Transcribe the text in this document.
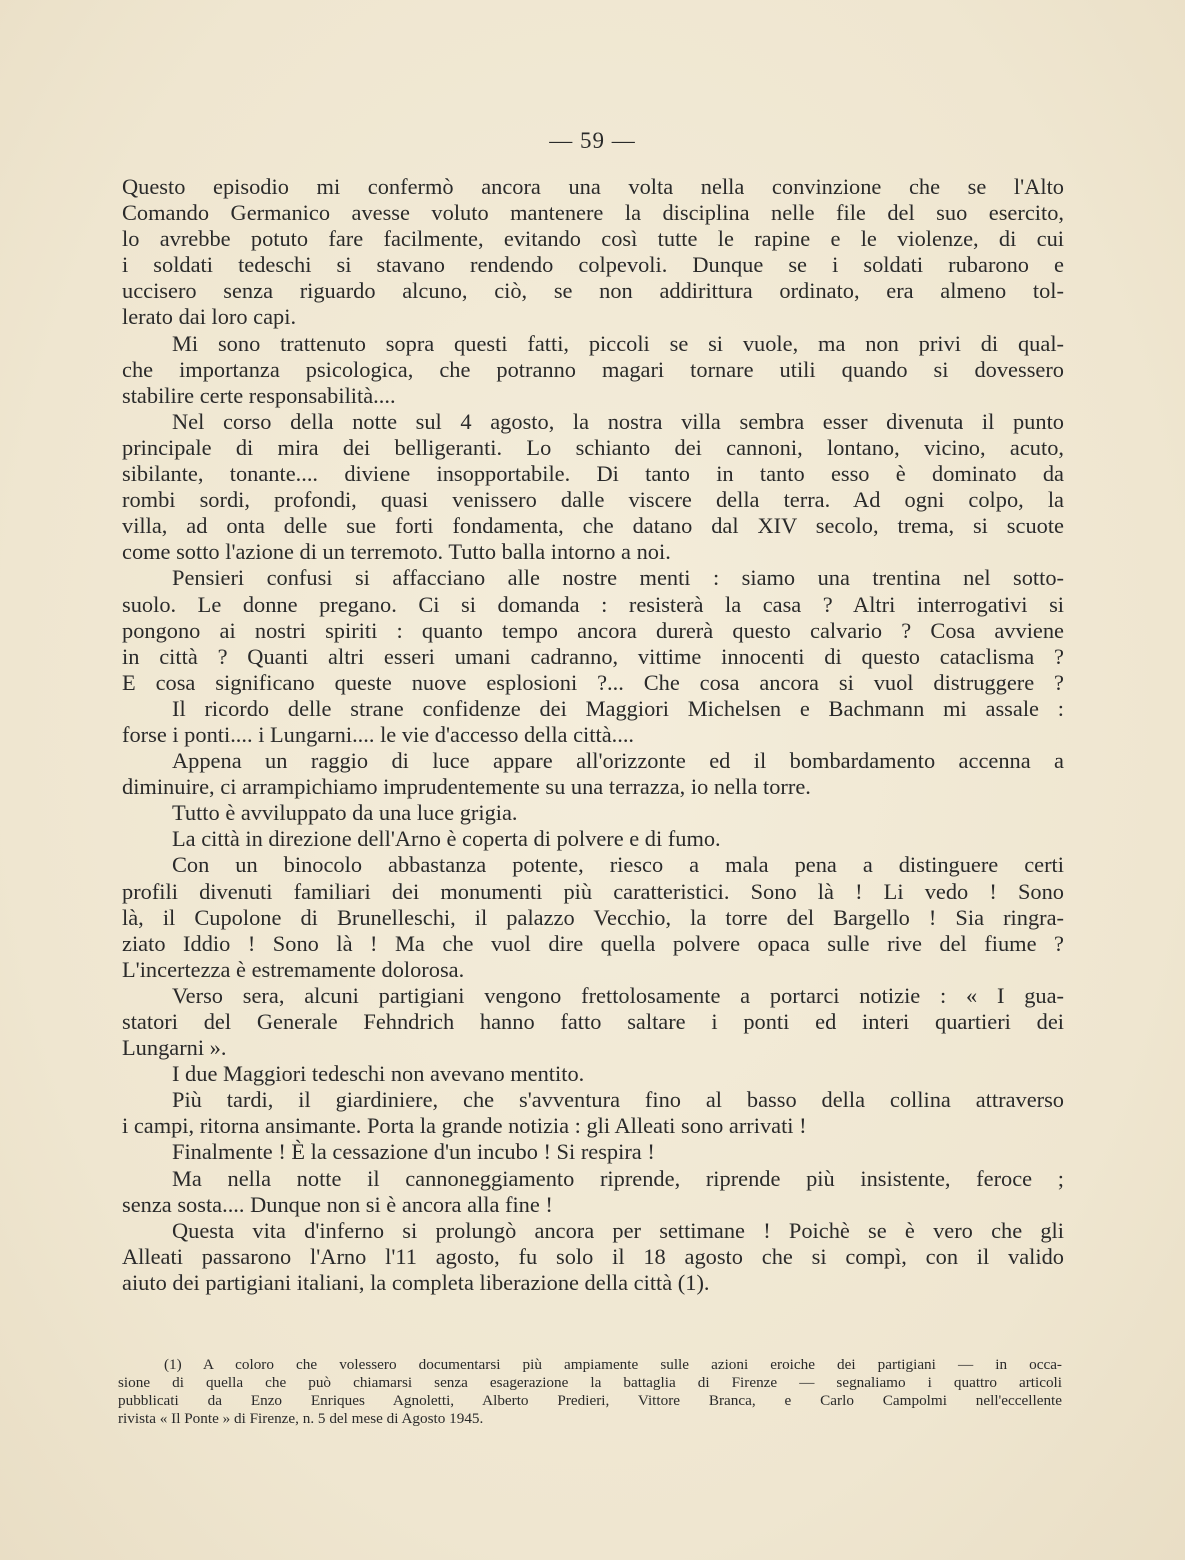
— 59 —
Questo episodio mi confermò ancora una volta nella convinzione che se l'Alto
Comando Germanico avesse voluto mantenere la disciplina nelle file del suo esercito,
lo avrebbe potuto fare facilmente, evitando così tutte le rapine e le violenze, di cui
i soldati tedeschi si stavano rendendo colpevoli. Dunque se i soldati rubarono e
uccisero senza riguardo alcuno, ciò, se non addirittura ordinato, era almeno tol-
lerato dai loro capi.
Mi sono trattenuto sopra questi fatti, piccoli se si vuole, ma non privi di qual-
che importanza psicologica, che potranno magari tornare utili quando si dovessero
stabilire certe responsabilità....
Nel corso della notte sul 4 agosto, la nostra villa sembra esser divenuta il punto
principale di mira dei belligeranti. Lo schianto dei cannoni, lontano, vicino, acuto,
sibilante, tonante.... diviene insopportabile. Di tanto in tanto esso è dominato da
rombi sordi, profondi, quasi venissero dalle viscere della terra. Ad ogni colpo, la
villa, ad onta delle sue forti fondamenta, che datano dal XIV secolo, trema, si scuote
come sotto l'azione di un terremoto. Tutto balla intorno a noi.
Pensieri confusi si affacciano alle nostre menti : siamo una trentina nel sotto-
suolo. Le donne pregano. Ci si domanda : resisterà la casa ? Altri interrogativi si
pongono ai nostri spiriti : quanto tempo ancora durerà questo calvario ? Cosa avviene
in città ? Quanti altri esseri umani cadranno, vittime innocenti di questo cataclisma ?
E cosa significano queste nuove esplosioni ?... Che cosa ancora si vuol distruggere ?
Il ricordo delle strane confidenze dei Maggiori Michelsen e Bachmann mi assale :
forse i ponti.... i Lungarni.... le vie d'accesso della città....
Appena un raggio di luce appare all'orizzonte ed il bombardamento accenna a
diminuire, ci arrampichiamo imprudentemente su una terrazza, io nella torre.
Tutto è avviluppato da una luce grigia.
La città in direzione dell'Arno è coperta di polvere e di fumo.
Con un binocolo abbastanza potente, riesco a mala pena a distinguere certi
profili divenuti familiari dei monumenti più caratteristici. Sono là ! Li vedo ! Sono
là, il Cupolone di Brunelleschi, il palazzo Vecchio, la torre del Bargello ! Sia ringra-
ziato Iddio ! Sono là ! Ma che vuol dire quella polvere opaca sulle rive del fiume ?
L'incertezza è estremamente dolorosa.
Verso sera, alcuni partigiani vengono frettolosamente a portarci notizie : « I gua-
statori del Generale Fehndrich hanno fatto saltare i ponti ed interi quartieri dei
Lungarni ».
I due Maggiori tedeschi non avevano mentito.
Più tardi, il giardiniere, che s'avventura fino al basso della collina attraverso
i campi, ritorna ansimante. Porta la grande notizia : gli Alleati sono arrivati !
Finalmente ! È la cessazione d'un incubo ! Si respira !
Ma nella notte il cannoneggiamento riprende, riprende più insistente, feroce ;
senza sosta.... Dunque non si è ancora alla fine !
Questa vita d'inferno si prolungò ancora per settimane ! Poichè se è vero che gli
Alleati passarono l'Arno l'11 agosto, fu solo il 18 agosto che si compì, con il valido
aiuto dei partigiani italiani, la completa liberazione della città (1).
(1) A coloro che volessero documentarsi più ampiamente sulle azioni eroiche dei partigiani — in occa-
sione di quella che può chiamarsi senza esagerazione la battaglia di Firenze — segnaliamo i quattro articoli
pubblicati da Enzo Enriques Agnoletti, Alberto Predieri, Vittore Branca, e Carlo Campolmi nell'eccellente
rivista « Il Ponte » di Firenze, n. 5 del mese di Agosto 1945.
